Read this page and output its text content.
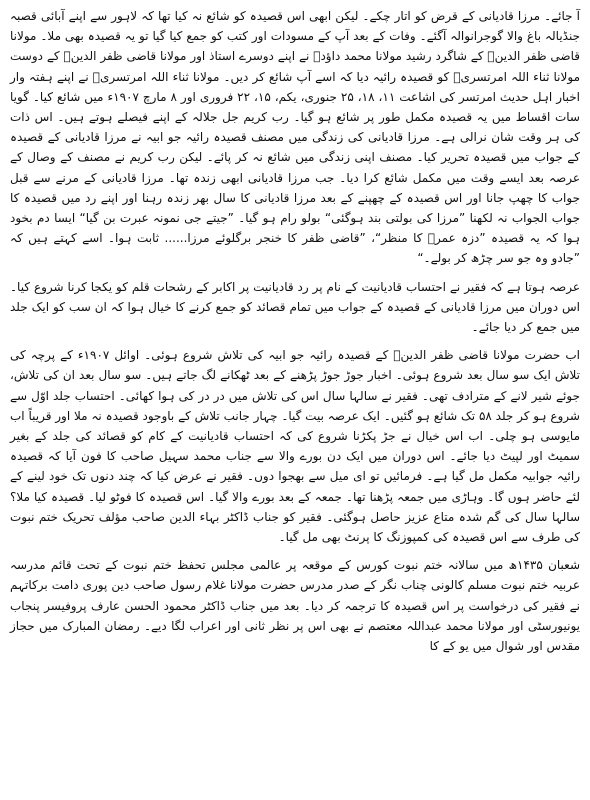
آ جائے۔ مرزا قادیانی کے قرض کو اتار چکے۔ لیکن ابھی اس قصیدہ کو شائع نہ کیا تھا کہ لاہور سے اپنے آبائی قصبہ جنڈیالہ باغ والا گوجرانوالہ آگئے۔ وفات کے بعد آپ کے مسودات اور کتب کو جمع کیا گیا تو یہ قصیدہ بھی ملا۔ مولانا قاضی ظفر الدینؒ کے شاگرد رشید مولانا محمد داؤدؒ نے اپنے دوسرے استاذ اور مولانا قاضی ظفر الدینؒ کے دوست مولانا ثناء اللہ امرتسریؒ کو قصیدہ رائیہ دیا کہ اسے آپ شائع کر دیں۔ مولانا ثناء اللہ امرتسریؒ نے اپنے ہفتہ وار اخبار اہل حدیث امرتسر کی اشاعت ۱۱، ۱۸، ۲۵ جنوری، یکم، ۱۵، ۲۲ فروری اور ۸ مارچ ۱۹۰۷ء میں شائع کیا۔ گویا سات اقساط میں یہ قصیدہ مکمل طور پر شائع ہو گیا۔ رب کریم جل جلالہ کے اپنے فیصلے ہوتے ہیں۔ اس ذات کی ہر وقت شان نرالی ہے۔ مرزا قادیانی کی زندگی میں مصنف قصیدہ رائیہ جو ابیہ نے مرزا قادیانی کے قصیدہ کے جواب میں قصیدہ تحریر کیا۔ مصنف اپنی زندگی میں شائع نہ کر پائے۔ لیکن رب کریم نے مصنف کے وصال کے عرصہ بعد ایسے وقت میں مکمل شائع کرا دیا۔ جب مرزا قادیانی ابھی زندہ تھا۔ مرزا قادیانی کے مرنے سے قبل جواب کا چھپ جانا اور اس قصیدہ کے چھپنے کے بعد مرزا قادیانی کا سال بھر زندہ رہنا اور اپنے رد میں قصیدہ کا جواب الجواب نہ لکھنا ”مرزا کی بولتی بند ہوگئی“ بولو رام ہو گیا۔ ”جیتے جی نمونہ عبرت بن گیا“ ایسا دم بخود ہوا کہ یہ قصیدہ ”دزہ عمرؓ کا منظر“، ”قاضی ظفر کا خنجر برگلوئے مرزا...... ثابت ہوا۔ اسے کہتے ہیں کہ ”جادو وہ جو سر چڑھ کر بولے۔“

عرصہ ہوتا ہے کہ فقیر نے احتساب قادیانیت کے نام پر رد قادیانیت پر اکابر کے رشحات قلم کو یکجا کرنا شروع کیا۔ اس دوران میں مرزا قادیانی کے قصیدہ کے جواب میں تمام قصائد کو جمع کرنے کا خیال ہوا کہ ان سب کو ایک جلد میں جمع کر دیا جائے۔

اب حضرت مولانا قاضی ظفر الدینؒ کے قصیدہ رائیہ جو ابیہ کی تلاش شروع ہوئی۔ اوائل ۱۹۰۷ء کے پرچہ کی تلاش ایک سو سال بعد شروع ہوئی۔ اخبار جوڑ جوڑ پڑھنے کے بعد ٹھکانے لگ جاتے ہیں۔ سو سال بعد ان کی تلاش، جوئے شیر لانے کے مترادف تھی۔ فقیر نے سالہا سال اس کی تلاش میں در در کی ہوا کھائی۔ احتساب جلد اوّل سے شروع ہو کر جلد ۵۸ تک شائع ہو گئیں۔ ایک عرصہ بیت گیا۔ چہار جانب تلاش کے باوجود قصیدہ نہ ملا اور قریباً اب مایوسی ہو چلی۔ اب اس خیال نے جڑ پکڑنا شروع کی کہ احتساب قادیانیت کے کام کو قصائد کی جلد کے بغیر سمیٹ اور لپیٹ دیا جائے۔ اس دوران میں ایک دن بورے والا سے جناب محمد سہیل صاحب کا فون آیا کہ قصیدہ رائیہ جوابیہ مکمل مل گیا ہے۔ فرمائیں تو ای میل سے بھجوا دوں۔ فقیر نے عرض کیا کہ چند دنوں تک خود لینے کے لئے حاضر ہوں گا۔ وہاڑی میں جمعہ پڑھنا تھا۔ جمعہ کے بعد بورے والا گیا۔ اس قصیدہ کا فوٹو لیا۔ قصیدہ کیا ملا؟ سالہا سال کی گم شدہ متاع عزیز حاصل ہوگئی۔ فقیر کو جناب ڈاکٹر بہاء الدین صاحب مؤلف تحریک ختم نبوت کی طرف سے اس قصیدہ کی کمپوزنگ کا پرنٹ بھی مل گیا۔

شعبان ۱۴۳۵ھ میں سالانہ ختم نبوت کورس کے موقعہ پر عالمی مجلس تحفظ ختم نبوت کے تحت قائم مدرسہ عربیہ ختم نبوت مسلم کالونی چناب نگر کے صدر مدرس حضرت مولانا غلام رسول صاحب دین پوری دامت برکاتہم نے فقیر کی درخواست پر اس قصیدہ کا ترجمہ کر دیا۔ بعد میں جناب ڈاکٹر محمود الحسن عارف پروفیسر پنجاب یونیورسٹی اور مولانا محمد عبداللہ معتصم نے بھی اس پر نظر ثانی اور اعراب لگا دیے۔ رمضان المبارک میں حجاز مقدس اور شوال میں یو کے کا
